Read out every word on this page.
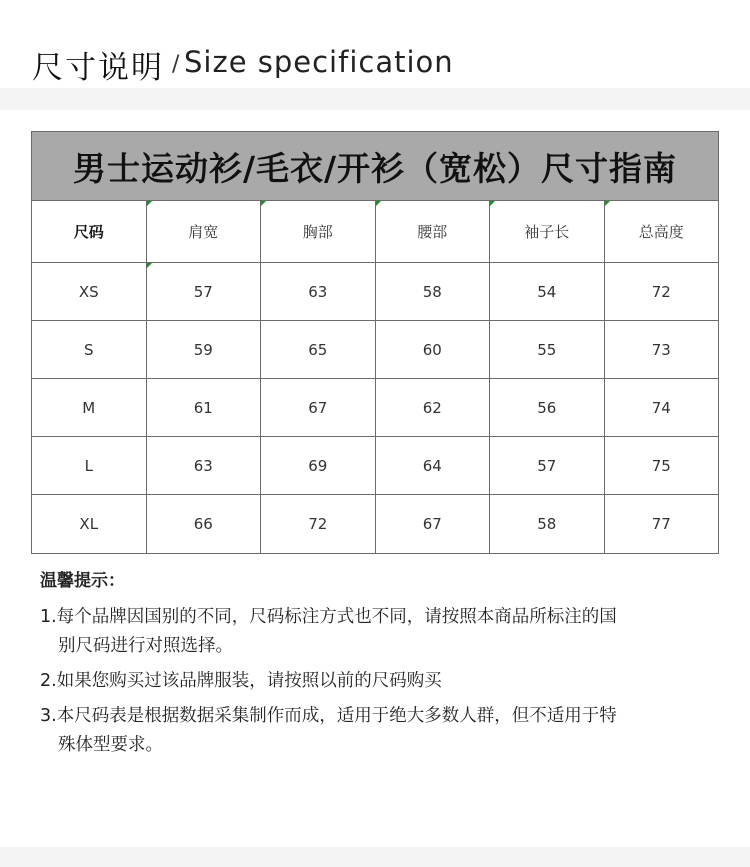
尺寸说明 / Size specification
男士运动衫/毛衣/开衫（宽松）尺寸指南
尺码	肩宽	胸部	腰部	袖子长	总高度
XS	57	63	58	54	72
S	59	65	60	55	73
M	61	67	62	56	74
L	63	69	64	57	75
XL	66	72	67	58	77
温馨提示：
1.每个品牌因国别的不同，尺码标注方式也不同，请按照本商品所标注的国
别尺码进行对照选择。
2.如果您购买过该品牌服装，请按照以前的尺码购买
3.本尺码表是根据数据采集制作而成，适用于绝大多数人群，但不适用于特
殊体型要求。
